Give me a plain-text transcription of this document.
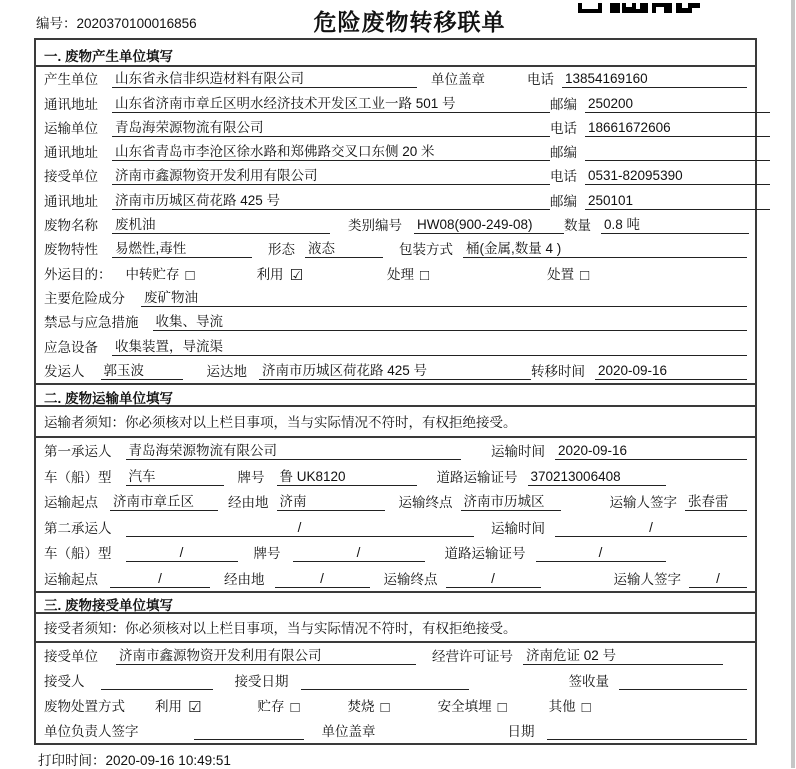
编号：2020370100016856	危险废物转移联单
一. 废物产生单位填写
产生单位 山东省永信非织造材料有限公司	单位盖章	电话 13854169160
通讯地址 山东省济南市章丘区明水经济技术开发区工业一路 501 号	邮编 250200
运输单位 青岛海荣源物流有限公司	电话 18661672606
通讯地址 山东省青岛市李沧区徐水路和郑佛路交叉口东侧 20 米	邮编
接受单位 济南市鑫源物资开发利用有限公司	电话 0531-82095390
通讯地址 济南市历城区荷花路 425 号	邮编 250101
废物名称 废机油	类别编号 HW08(900-249-08)	数量 0.8 吨
废物特性 易燃性,毒性	形态 液态	包装方式 桶(金属,数量 4 )
外运目的： 中转贮存 □	利用 ☑	处理 □	处置 □
主要危险成分 废矿物油
禁忌与应急措施 收集、导流
应急设备 收集装置，导流渠
发运人 郭玉波	运达地 济南市历城区荷花路 425 号	转移时间 2020-09-16
二. 废物运输单位填写
运输者须知：你必须核对以上栏目事项，当与实际情况不符时，有权拒绝接受。
第一承运人 青岛海荣源物流有限公司	运输时间 2020-09-16
车（船）型 汽车	牌号 鲁 UK8120	道路运输证号 370213006408
运输起点 济南市章丘区	经由地 济南	运输终点 济南市历城区	运输人签字 张春雷
第二承运人	/	运输时间	/
车（船）型	/	牌号	/	道路运输证号	/
运输起点	/	经由地	/	运输终点	/	运输人签字	/
三. 废物接受单位填写
接受者须知：你必须核对以上栏目事项，当与实际情况不符时，有权拒绝接受。
接受单位 济南市鑫源物资开发利用有限公司	经营许可证号 济南危证 02 号
接受人	接受日期	签收量
废物处置方式 利用 ☑	贮存 □	焚烧 □	安全填埋 □	其他 □
单位负责人签字	单位盖章	日期
打印时间：2020-09-16 10:49:51
